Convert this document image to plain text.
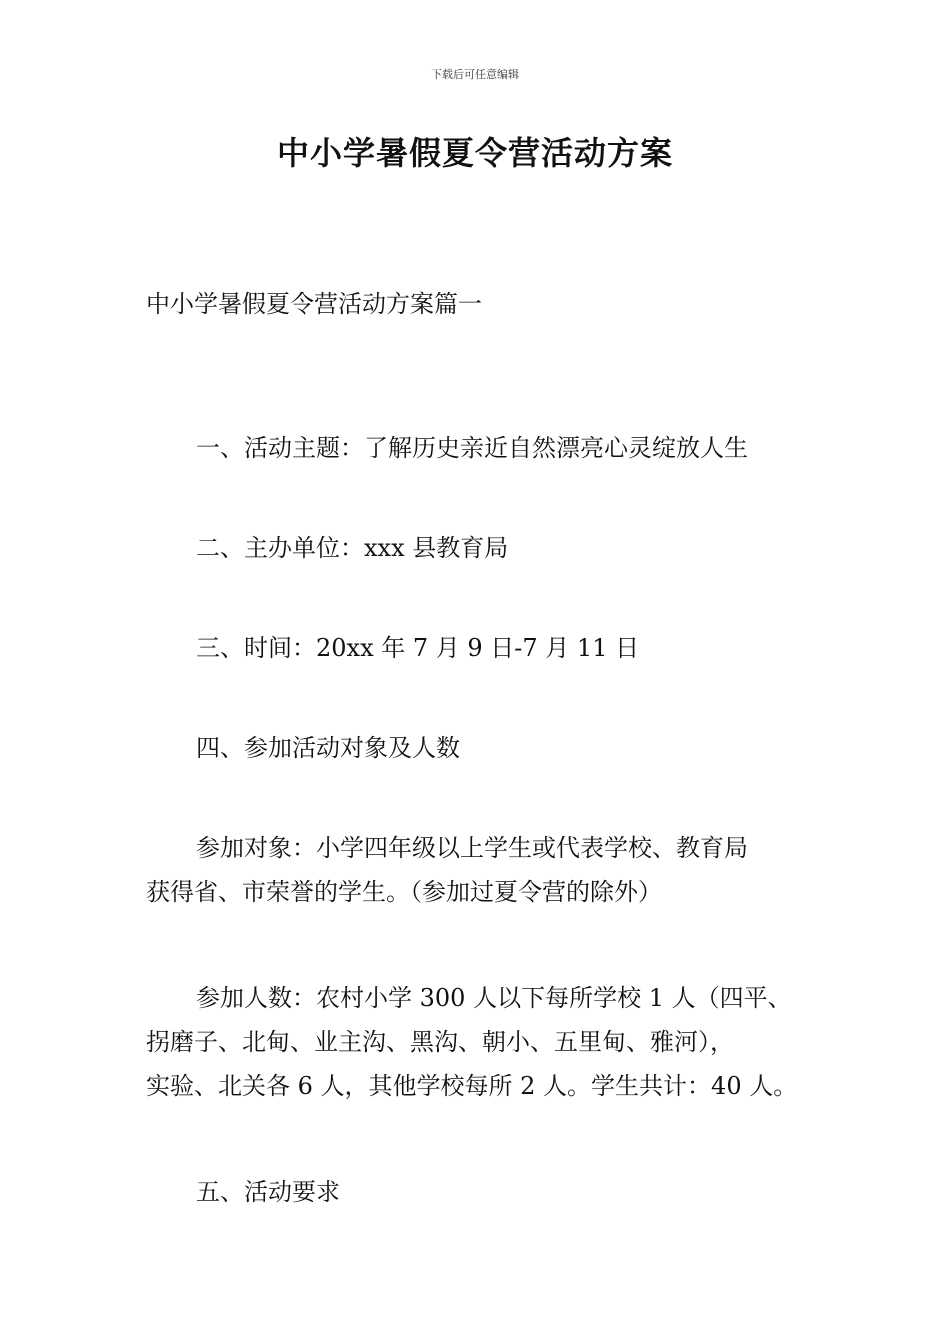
下载后可任意编辑
中小学暑假夏令营活动方案
中小学暑假夏令营活动方案篇一
一、活动主题：了解历史亲近自然漂亮心灵绽放人生
二、主办单位：xxx 县教育局
三、时间：20xx 年 7 月 9 日-7 月 11 日
四、参加活动对象及人数
参加对象：小学四年级以上学生或代表学校、教育局
获得省、市荣誉的学生。（参加过夏令营的除外）
参加人数：农村小学 300 人以下每所学校 1 人（四平、
拐磨子、北甸、业主沟、黑沟、朝小、五里甸、雅河），
实验、北关各 6 人，其他学校每所 2 人。学生共计：40 人。
五、活动要求
